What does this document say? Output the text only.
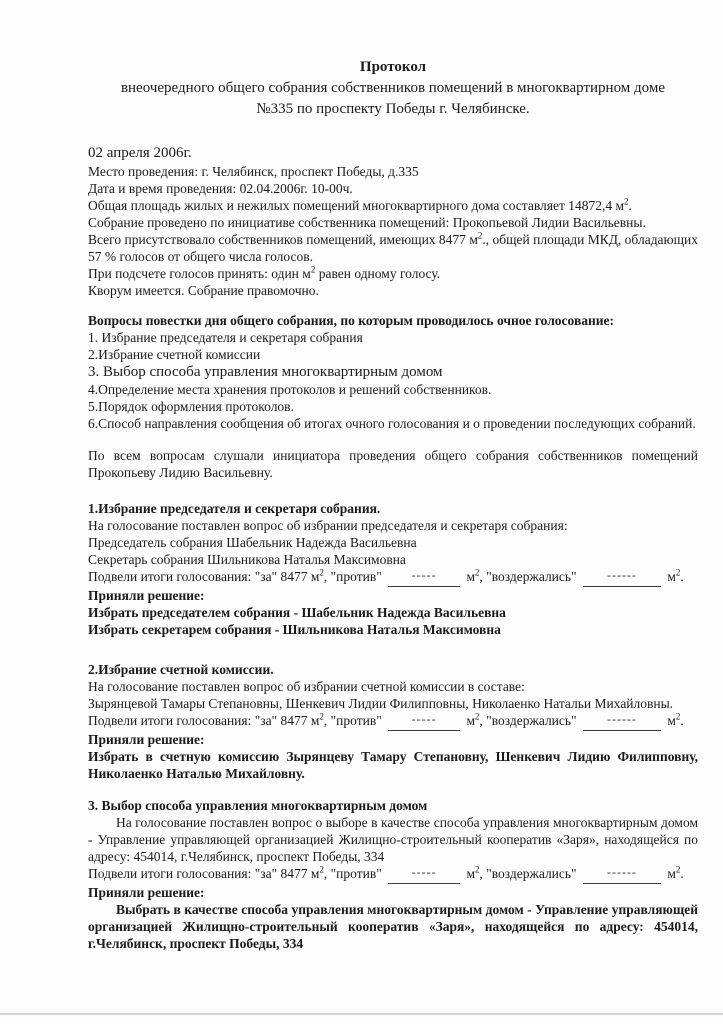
Протокол

внеочередного общего собрания собственников помещений в многоквартирном доме

№335 по проспекту Победы г. Челябинске.

02 апреля 2006г.

Место проведения: г. Челябинск, проспект Победы, д.335

Дата и время проведения: 02.04.2006г. 10-00ч.

Общая площадь жилых и нежилых помещений многоквартирного дома составляет 14872,4 $м^2$.

Собрание проведено по инициативе собственника помещений: Прокопьевой Лидии Васильевны.

Всего присутствовало собственников помещений, имеющих 8477 $м^2$., общей площади МКД, обладающих 57 % голосов от общего числа голосов.

При подсчете голосов принять: один $м^2$ равен одному голосу.

Кворум имеется. Собрание правомочно.

Вопросы повестки дня общего собрания, по которым проводилось очное голосование:

1. Избрание председателя и секретаря собрания

2.Избрание счетной комиссии

3. Выбор способа управления многоквартирным домом

4.Определение места хранения протоколов и решений собственников.

5.Порядок оформления протоколов.

6.Способ направления сообщения об итогах очного голосования и о проведении последующих собраний.

По всем вопросам слушали инициатора проведения общего собрания собственников помещений Прокопьеву Лидию Васильевну.

1.Избрание председателя и секретаря собрания.

На голосование поставлен вопрос об избрании председателя и секретаря собрания:

Председатель собрания Шабельник Надежда Васильевна

Секретарь собрания Шильникова Наталья Максимовна

Подвели итоги голосования: "за" 8477 $м^2$, "против" ----- $м^2$, "воздержались"	------ $м^2$.

Приняли решение:

Избрать председателем собрания - Шабельник Надежда Васильевна

Избрать секретарем собрания - Шильникова Наталья Максимовна

2.Избрание счетной комиссии.

На голосование поставлен вопрос об избрании счетной комиссии в составе:

Зырянцевой Тамары Степановны, Шенкевич Лидии Филипповны, Николаенко Натальи Михайловны.

Подвели итоги голосования: "за" 8477 $м^2$, "против" ----- $м^2$, "воздержались"	------ $м^2$.

Приняли решение:

Избрать в счетную комиссию Зырянцеву Тамару Степановну, Шенкевич Лидию Филипповну, Николаенко Наталью Михайловну.

3. Выбор способа управления многоквартирным домом

На голосование поставлен вопрос о выборе в качестве способа управления многоквартирным домом - Управление управляющей организацией Жилищно-строительный кооператив «Заря», находящейся по адресу: 454014, г.Челябинск, проспект Победы, 334

Подвели итоги голосования: "за" 8477 $м^2$, "против" ----- $м^2$, "воздержались"	------ $м^2$.

Приняли решение:

Выбрать в качестве способа управления многоквартирным домом - Управление управляющей организацией Жилищно-строительный кооператив «Заря», находящейся по адресу: 454014, г.Челябинск, проспект Победы, 334
